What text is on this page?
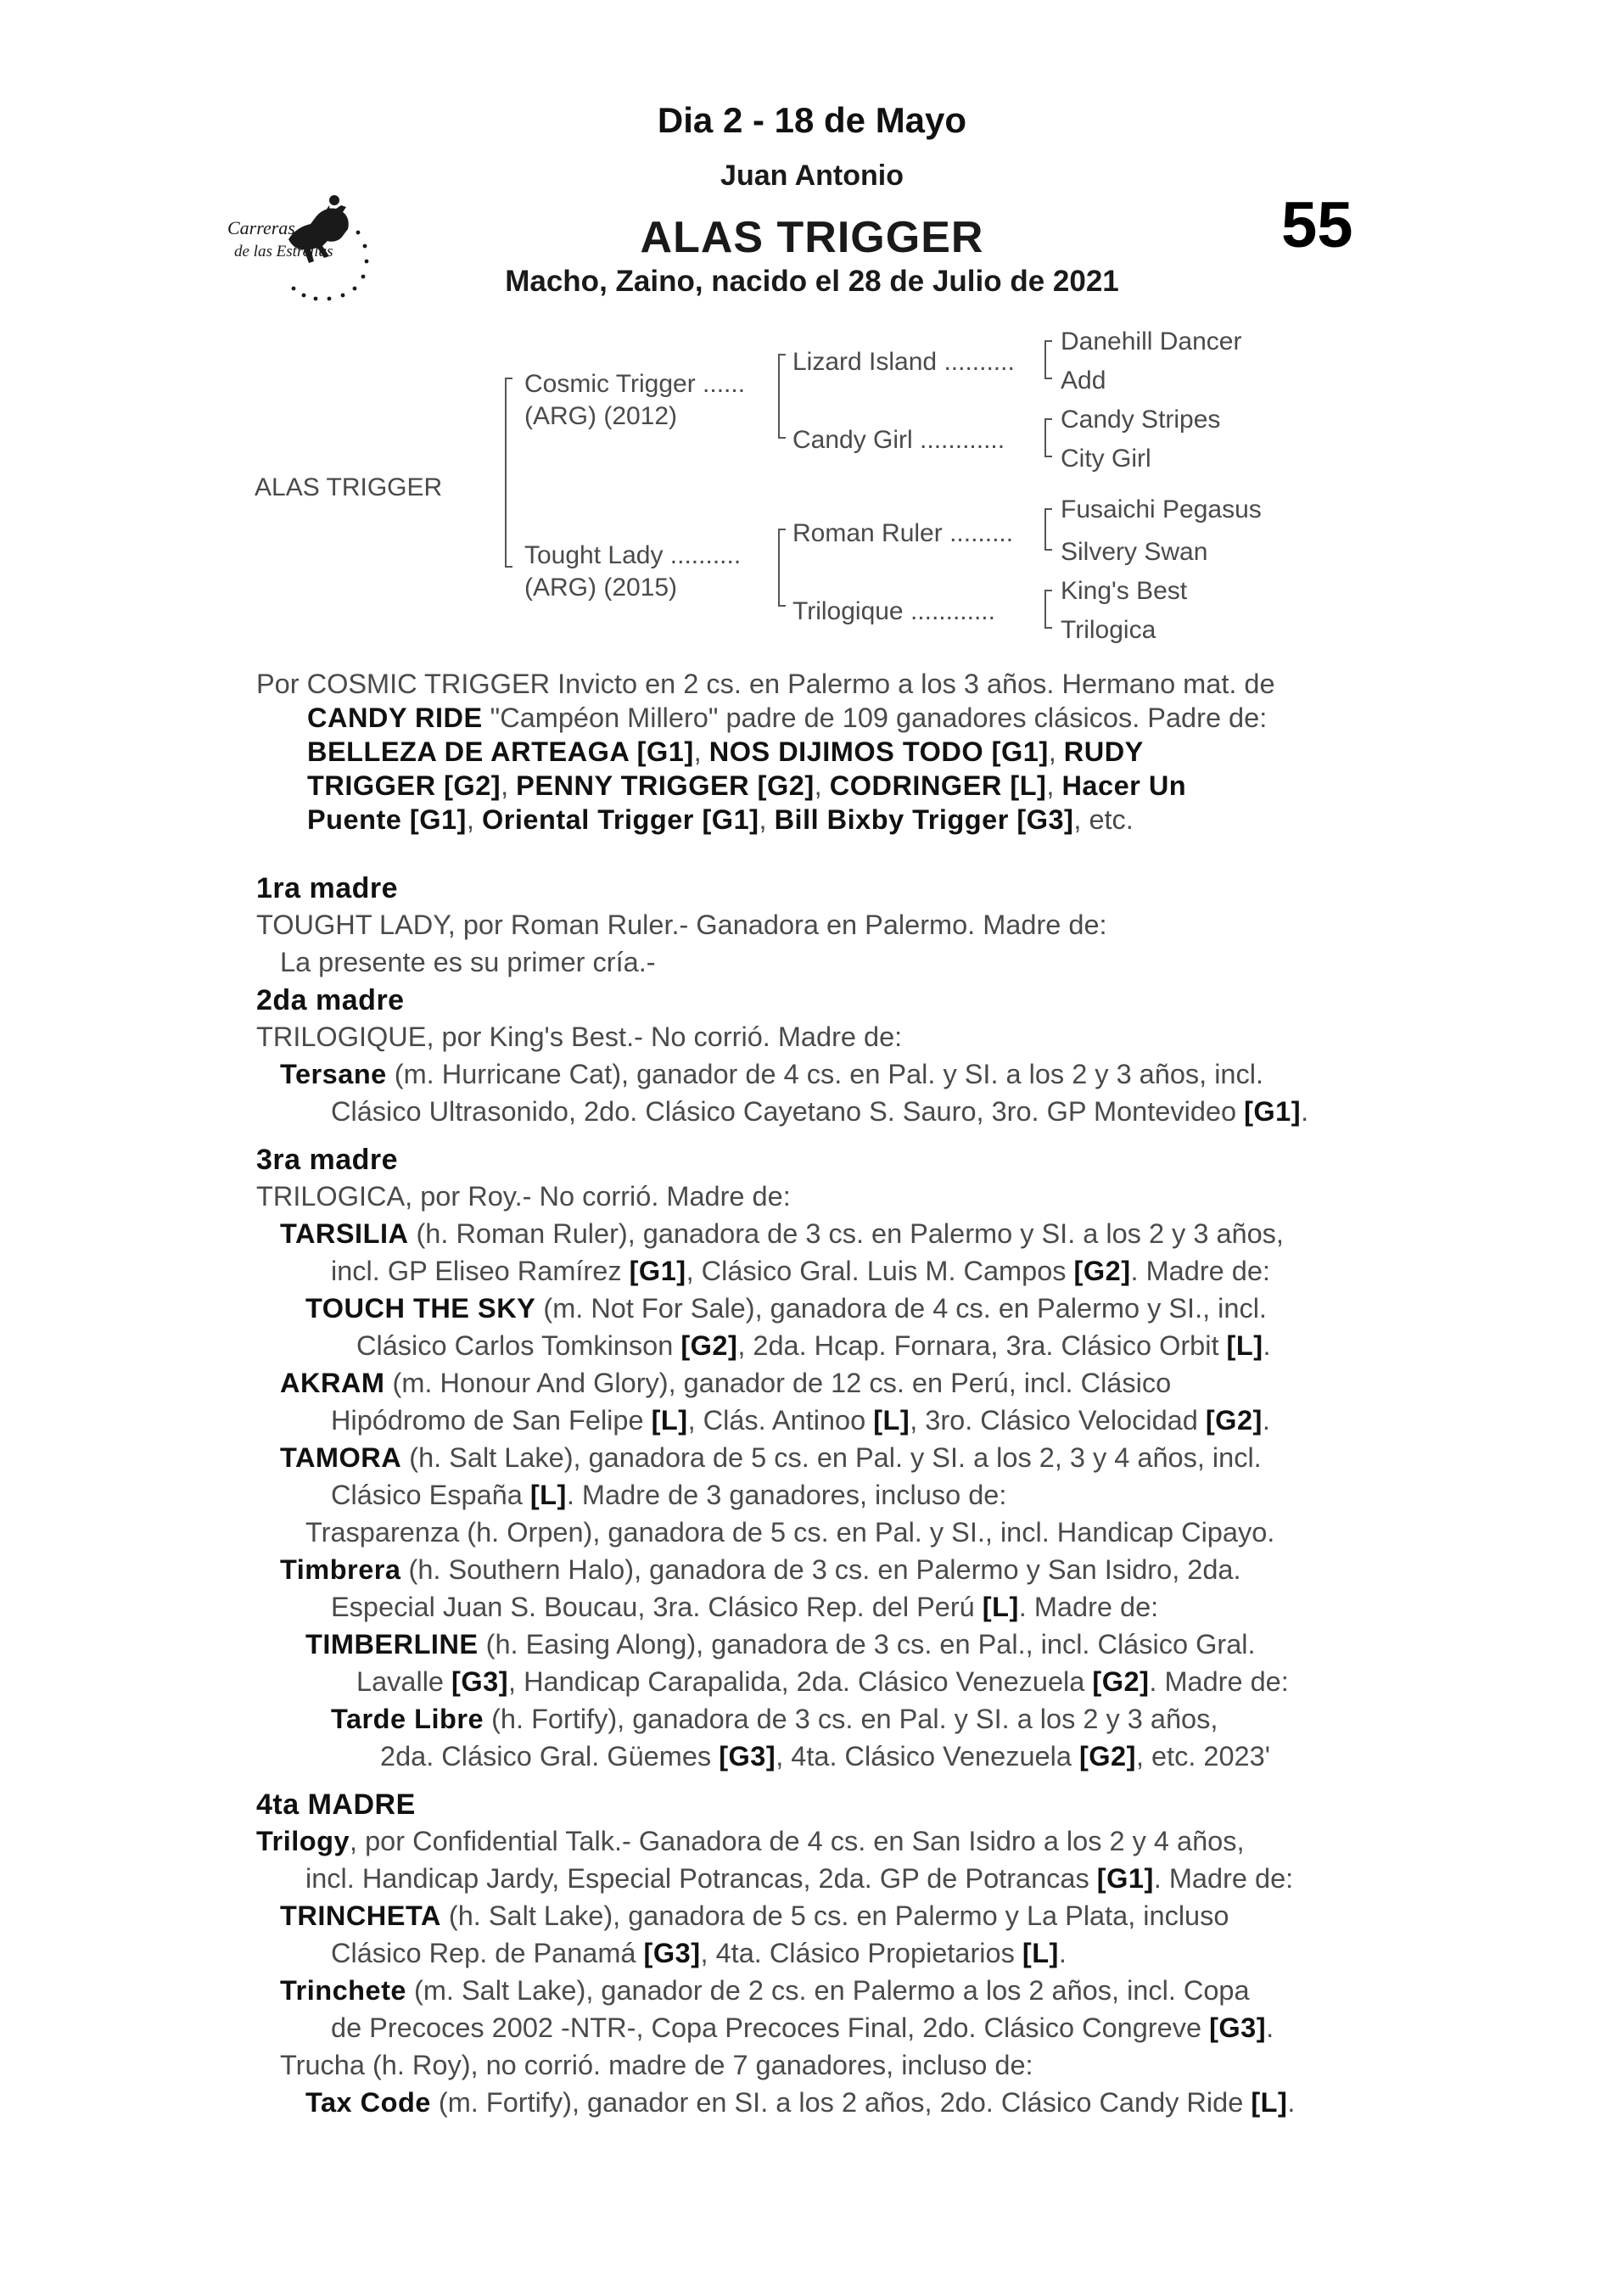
Dia 2 - 18 de Mayo
Juan Antonio
ALAS TRIGGER
Macho, Zaino, nacido el 28 de Julio de 2021
55
Carreras
de las Estrellas
ALAS TRIGGER
Cosmic Trigger ......
(ARG) (2012)
Tought Lady ..........
(ARG) (2015)
Lizard Island ..........
Candy Girl ............
Roman Ruler .........
Trilogique ............
Danehill Dancer
Add
Candy Stripes
City Girl
Fusaichi Pegasus
Silvery Swan
King's Best
Trilogica
Por COSMIC TRIGGER Invicto en 2 cs. en Palermo a los 3 años. Hermano mat. de
CANDY RIDE "Campéon Millero" padre de 109 ganadores clásicos. Padre de:
BELLEZA DE ARTEAGA [G1], NOS DIJIMOS TODO [G1], RUDY
TRIGGER [G2], PENNY TRIGGER [G2], CODRINGER [L], Hacer Un
Puente [G1], Oriental Trigger [G1], Bill Bixby Trigger [G3], etc.
1ra madre
TOUGHT LADY, por Roman Ruler.- Ganadora en Palermo. Madre de:
La presente es su primer cría.-
2da madre
TRILOGIQUE, por King's Best.- No corrió. Madre de:
Tersane (m. Hurricane Cat), ganador de 4 cs. en Pal. y SI. a los 2 y 3 años, incl.
Clásico Ultrasonido, 2do. Clásico Cayetano S. Sauro, 3ro. GP Montevideo [G1].
3ra madre
TRILOGICA, por Roy.- No corrió. Madre de:
TARSILIA (h. Roman Ruler), ganadora de 3 cs. en Palermo y SI. a los 2 y 3 años,
incl. GP Eliseo Ramírez [G1], Clásico Gral. Luis M. Campos [G2]. Madre de:
TOUCH THE SKY (m. Not For Sale), ganadora de 4 cs. en Palermo y SI., incl.
Clásico Carlos Tomkinson [G2], 2da. Hcap. Fornara, 3ra. Clásico Orbit [L].
AKRAM (m. Honour And Glory), ganador de 12 cs. en Perú, incl. Clásico
Hipódromo de San Felipe [L], Clás. Antinoo [L], 3ro. Clásico Velocidad [G2].
TAMORA (h. Salt Lake), ganadora de 5 cs. en Pal. y SI. a los 2, 3 y 4 años, incl.
Clásico España [L]. Madre de 3 ganadores, incluso de:
Trasparenza (h. Orpen), ganadora de 5 cs. en Pal. y SI., incl. Handicap Cipayo.
Timbrera (h. Southern Halo), ganadora de 3 cs. en Palermo y San Isidro, 2da.
Especial Juan S. Boucau, 3ra. Clásico Rep. del Perú [L]. Madre de:
TIMBERLINE (h. Easing Along), ganadora de 3 cs. en Pal., incl. Clásico Gral.
Lavalle [G3], Handicap Carapalida, 2da. Clásico Venezuela [G2]. Madre de:
Tarde Libre (h. Fortify), ganadora de 3 cs. en Pal. y SI. a los 2 y 3 años,
2da. Clásico Gral. Güemes [G3], 4ta. Clásico Venezuela [G2], etc. 2023'
4ta MADRE
Trilogy, por Confidential Talk.- Ganadora de 4 cs. en San Isidro a los 2 y 4 años,
incl. Handicap Jardy, Especial Potrancas, 2da. GP de Potrancas [G1]. Madre de:
TRINCHETA (h. Salt Lake), ganadora de 5 cs. en Palermo y La Plata, incluso
Clásico Rep. de Panamá [G3], 4ta. Clásico Propietarios [L].
Trinchete (m. Salt Lake), ganador de 2 cs. en Palermo a los 2 años, incl. Copa
de Precoces 2002 -NTR-, Copa Precoces Final, 2do. Clásico Congreve [G3].
Trucha (h. Roy), no corrió. madre de 7 ganadores, incluso de:
Tax Code (m. Fortify), ganador en SI. a los 2 años, 2do. Clásico Candy Ride [L].
